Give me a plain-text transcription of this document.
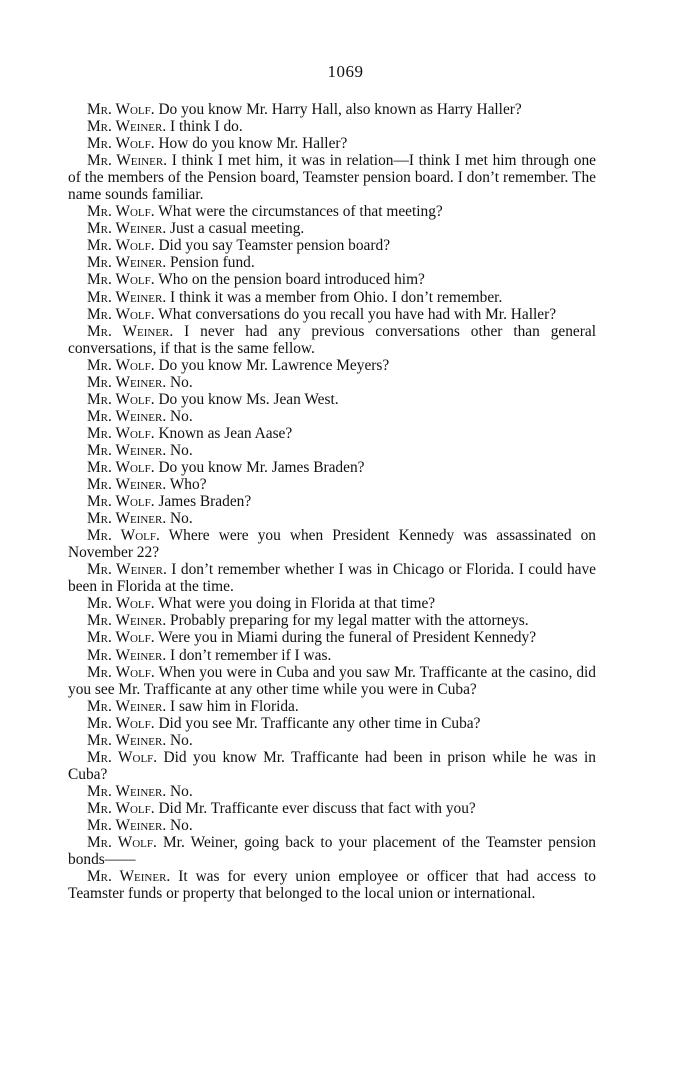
1069

Mr. Wolf. Do you know Mr. Harry Hall, also known as Harry Haller?

Mr. Weiner. I think I do.

Mr. Wolf. How do you know Mr. Haller?

Mr. Weiner. I think I met him, it was in relation—I think I met him through one of the members of the Pension board, Teamster pension board. I don’t remember. The name sounds familiar.

Mr. Wolf. What were the circumstances of that meeting?

Mr. Weiner. Just a casual meeting.

Mr. Wolf. Did you say Teamster pension board?

Mr. Weiner. Pension fund.

Mr. Wolf. Who on the pension board introduced him?

Mr. Weiner. I think it was a member from Ohio. I don’t remember.

Mr. Wolf. What conversations do you recall you have had with Mr. Haller?

Mr. Weiner. I never had any previous conversations other than general conversations, if that is the same fellow.

Mr. Wolf. Do you know Mr. Lawrence Meyers?

Mr. Weiner. No.

Mr. Wolf. Do you know Ms. Jean West.

Mr. Weiner. No.

Mr. Wolf. Known as Jean Aase?

Mr. Weiner. No.

Mr. Wolf. Do you know Mr. James Braden?

Mr. Weiner. Who?

Mr. Wolf. James Braden?

Mr. Weiner. No.

Mr. Wolf. Where were you when President Kennedy was assassinated on November 22?

Mr. Weiner. I don’t remember whether I was in Chicago or Florida. I could have been in Florida at the time.

Mr. Wolf. What were you doing in Florida at that time?

Mr. Weiner. Probably preparing for my legal matter with the attorneys.

Mr. Wolf. Were you in Miami during the funeral of President Kennedy?

Mr. Weiner. I don’t remember if I was.

Mr. Wolf. When you were in Cuba and you saw Mr. Trafficante at the casino, did you see Mr. Trafficante at any other time while you were in Cuba?

Mr. Weiner. I saw him in Florida.

Mr. Wolf. Did you see Mr. Trafficante any other time in Cuba?

Mr. Weiner. No.

Mr. Wolf. Did you know Mr. Trafficante had been in prison while he was in Cuba?

Mr. Weiner. No.

Mr. Wolf. Did Mr. Trafficante ever discuss that fact with you?

Mr. Weiner. No.

Mr. Wolf. Mr. Weiner, going back to your placement of the Teamster pension bonds——

Mr. Weiner. It was for every union employee or officer that had access to Teamster funds or property that belonged to the local union or international.
